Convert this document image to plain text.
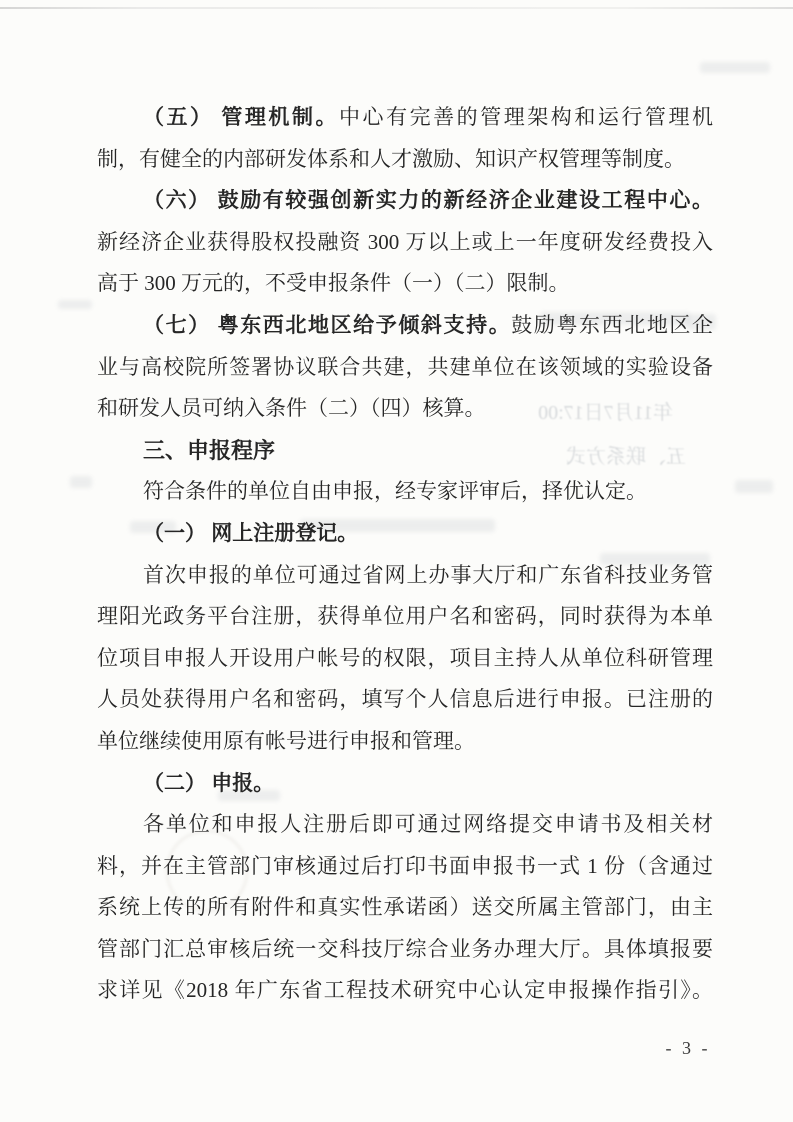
年11月7日17:00
五、联系方式
（五） 管理机制。中心有完善的管理架构和运行管理机
制，有健全的内部研发体系和人才激励、知识产权管理等制度。
（六） 鼓励有较强创新实力的新经济企业建设工程中心。
新经济企业获得股权投融资 300 万以上或上一年度研发经费投入
高于 300 万元的，不受申报条件（一）（二）限制。
（七） 粤东西北地区给予倾斜支持。鼓励粤东西北地区企
业与高校院所签署协议联合共建，共建单位在该领域的实验设备
和研发人员可纳入条件（二）（四）核算。
三、申报程序
符合条件的单位自由申报，经专家评审后，择优认定。
（一） 网上注册登记。
首次申报的单位可通过省网上办事大厅和广东省科技业务管
理阳光政务平台注册，获得单位用户名和密码，同时获得为本单
位项目申报人开设用户帐号的权限，项目主持人从单位科研管理
人员处获得用户名和密码，填写个人信息后进行申报。已注册的
单位继续使用原有帐号进行申报和管理。
（二） 申报。
各单位和申报人注册后即可通过网络提交申请书及相关材
料，并在主管部门审核通过后打印书面申报书一式 1 份（含通过
系统上传的所有附件和真实性承诺函）送交所属主管部门，由主
管部门汇总审核后统一交科技厅综合业务办理大厅。具体填报要
求详见《2018 年广东省工程技术研究中心认定申报操作指引》。
- 3 -
